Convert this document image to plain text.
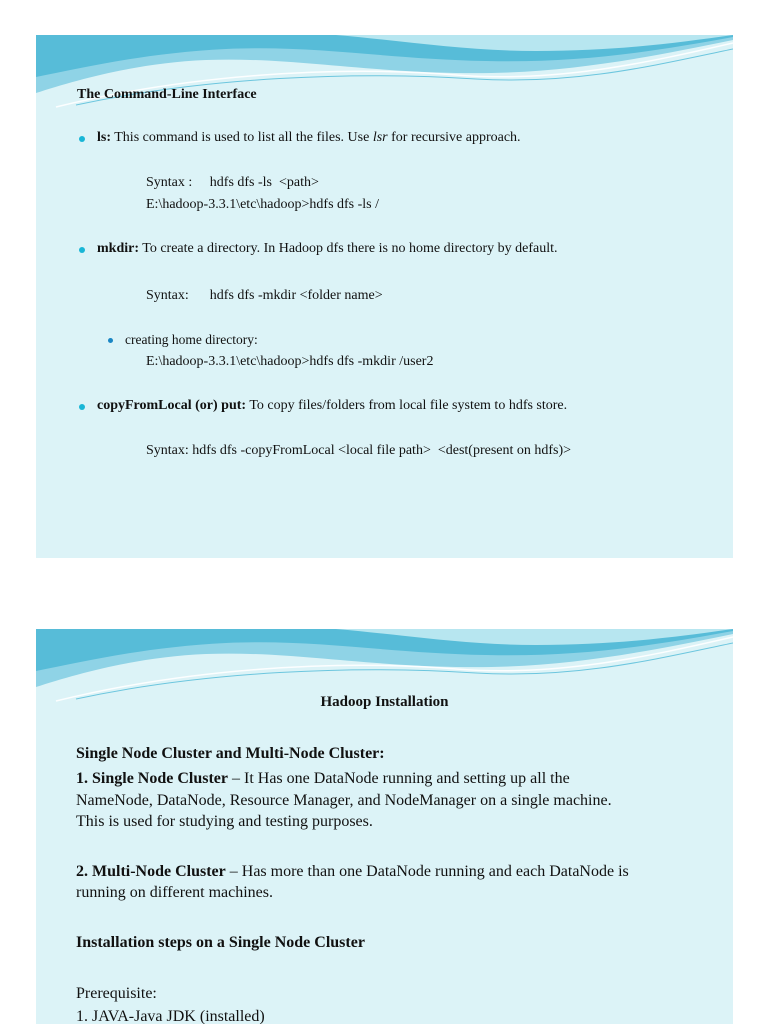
The Command-Line Interface
ls: This command is used to list all the files. Use lsr for recursive approach.
Syntax :     hdfs dfs -ls  <path>
E:\hadoop-3.3.1\etc\hadoop>hdfs dfs -ls /
mkdir: To create a directory. In Hadoop dfs there is no home directory by default.
Syntax:      hdfs dfs -mkdir <folder name>
creating home directory:
E:\hadoop-3.3.1\etc\hadoop>hdfs dfs -mkdir /user2
copyFromLocal (or) put: To copy files/folders from local file system to hdfs store.
Syntax: hdfs dfs -copyFromLocal <local file path>  <dest(present on hdfs)>
Hadoop Installation
Single Node Cluster and Multi-Node Cluster:
1. Single Node Cluster – It Has one DataNode running and setting up all the
NameNode, DataNode, Resource Manager, and NodeManager on a single machine.
This is used for studying and testing purposes.
2. Multi-Node Cluster – Has more than one DataNode running and each DataNode is
running on different machines.
Installation steps on a Single Node Cluster
Prerequisite:
1. JAVA-Java JDK (installed)
